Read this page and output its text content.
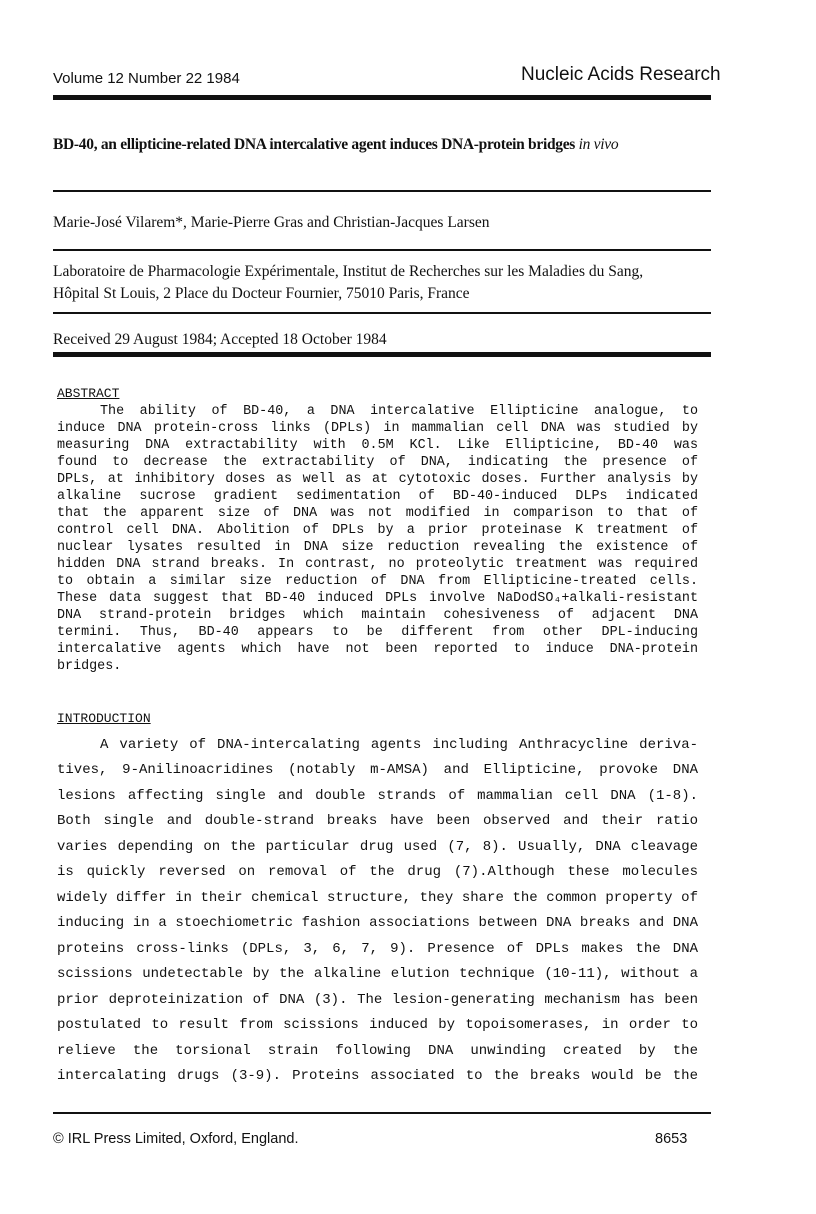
Volume 12 Number 22 1984	Nucleic Acids Research
BD-40, an ellipticine-related DNA intercalative agent induces DNA-protein bridges in vivo
Marie-José Vilarem*, Marie-Pierre Gras and Christian-Jacques Larsen
Laboratoire de Pharmacologie Expérimentale, Institut de Recherches sur les Maladies du Sang,
Hôpital St Louis, 2 Place du Docteur Fournier, 75010 Paris, France
Received 29 August 1984; Accepted 18 October 1984
ABSTRACT
The ability of BD-40, a DNA intercalative Ellipticine analogue, to
induce DNA protein-cross links (DPLs) in mammalian cell DNA was studied by
measuring DNA extractability with 0.5M KCl. Like Ellipticine, BD-40 was
found to decrease the extractability of DNA, indicating the presence of
DPLs, at inhibitory doses as well as at cytotoxic doses. Further analysis by
alkaline sucrose gradient sedimentation of BD-40-induced DLPs indicated
that the apparent size of DNA was not modified in comparison to that of
control cell DNA. Abolition of DPLs by a prior proteinase K treatment of
nuclear lysates resulted in DNA size reduction revealing the existence of
hidden DNA strand breaks. In contrast, no proteolytic treatment was required
to obtain a similar size reduction of DNA from Ellipticine-treated cells.
These data suggest that BD-40 induced DPLs involve NaDodSO₄+alkali-resistant
DNA strand-protein bridges which maintain cohesiveness of adjacent DNA
termini. Thus, BD-40 appears to be different from other DPL-inducing
intercalative agents which have not been reported to induce DNA-protein
bridges.
INTRODUCTION
A variety of DNA-intercalating agents including Anthracycline deriva-
tives, 9-Anilinoacridines (notably m-AMSA) and Ellipticine, provoke DNA
lesions affecting single and double strands of mammalian cell DNA (1-8).
Both single and double-strand breaks have been observed and their ratio
varies depending on the particular drug used (7, 8). Usually, DNA cleavage
is quickly reversed on removal of the drug (7).Although these molecules
widely differ in their chemical structure, they share the common property of
inducing in a stoechiometric fashion associations between DNA breaks and DNA
proteins cross-links (DPLs, 3, 6, 7, 9). Presence of DPLs makes the DNA
scissions undetectable by the alkaline elution technique (10-11), without a
prior deproteinization of DNA (3). The lesion-generating mechanism has been
postulated to result from scissions induced by topoisomerases, in order to
relieve the torsional strain following DNA unwinding created by the
intercalating drugs (3-9). Proteins associated to the breaks would be the
© IRL Press Limited, Oxford, England.	8653
